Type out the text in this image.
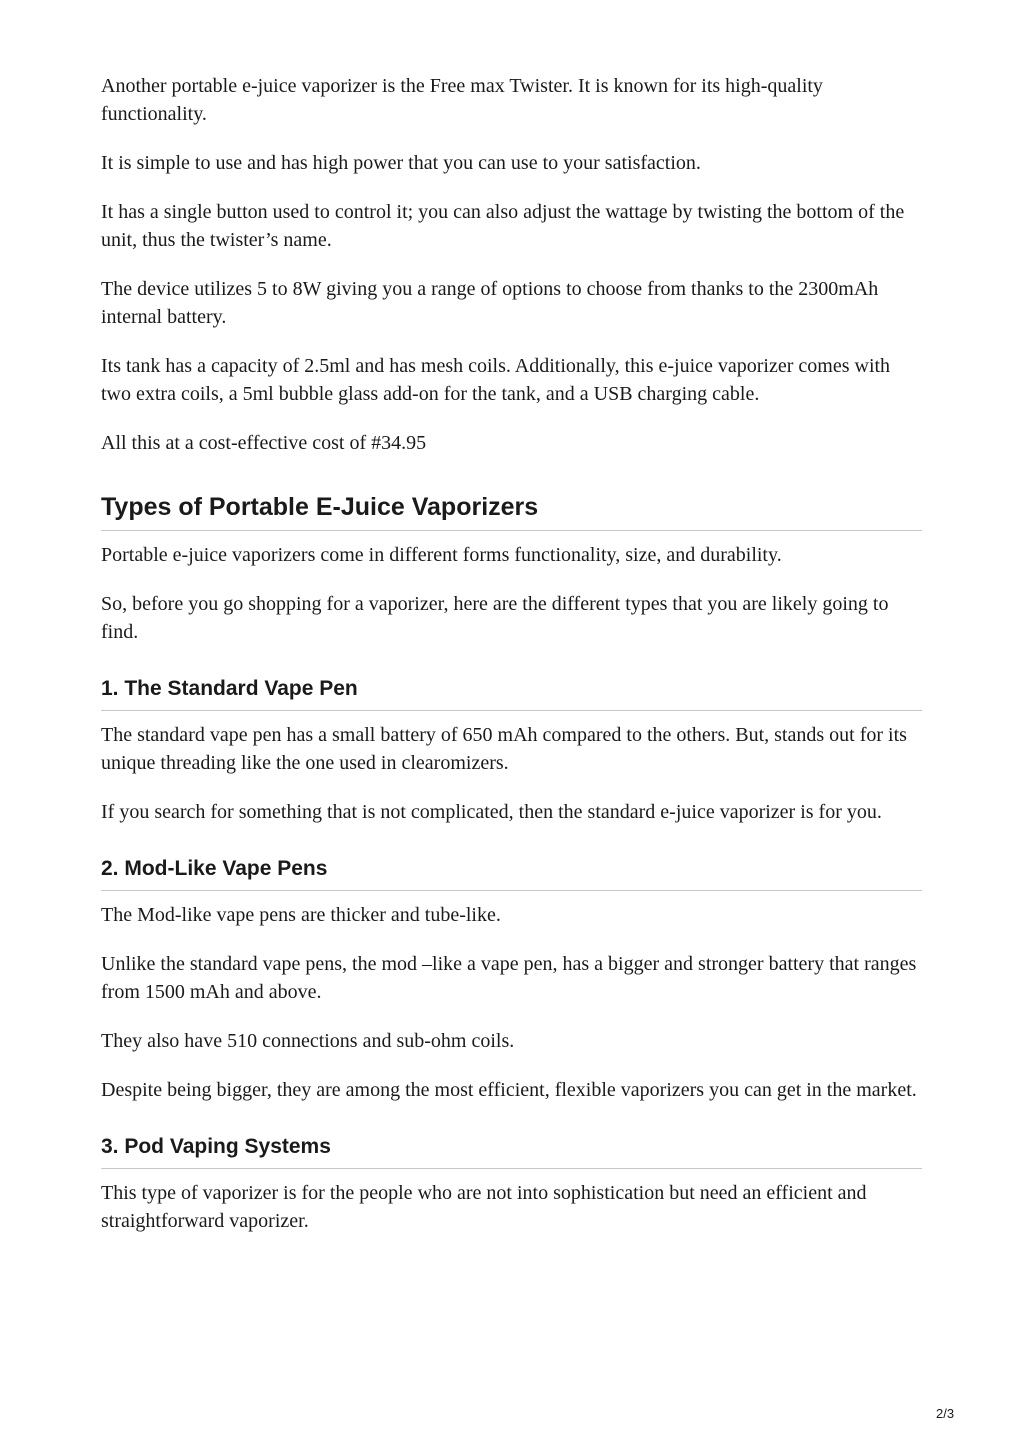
Another portable e-juice vaporizer is the Free max Twister. It is known for its high-quality functionality.

It is simple to use and has high power that you can use to your satisfaction.

It has a single button used to control it; you can also adjust the wattage by twisting the bottom of the unit, thus the twister’s name.

The device utilizes 5 to 8W giving you a range of options to choose from thanks to the 2300mAh internal battery.

Its tank has a capacity of 2.5ml and has mesh coils. Additionally, this e-juice vaporizer comes with two extra coils, a 5ml bubble glass add-on for the tank, and a USB charging cable.

All this at a cost-effective cost of #34.95

Types of Portable E-Juice Vaporizers

Portable e-juice vaporizers come in different forms functionality, size, and durability.

So, before you go shopping for a vaporizer, here are the different types that you are likely going to find.

1. The Standard Vape Pen

The standard vape pen has a small battery of 650 mAh compared to the others. But, stands out for its unique threading like the one used in clearomizers.

If you search for something that is not complicated, then the standard e-juice vaporizer is for you.

2. Mod-Like Vape Pens

The Mod-like vape pens are thicker and tube-like.

Unlike the standard vape pens, the mod –like a vape pen, has a bigger and stronger battery that ranges from 1500 mAh and above.

They also have 510 connections and sub-ohm coils.

Despite being bigger, they are among the most efficient, flexible vaporizers you can get in the market.

3. Pod Vaping Systems

This type of vaporizer is for the people who are not into sophistication but need an efficient and straightforward vaporizer.

2/3
